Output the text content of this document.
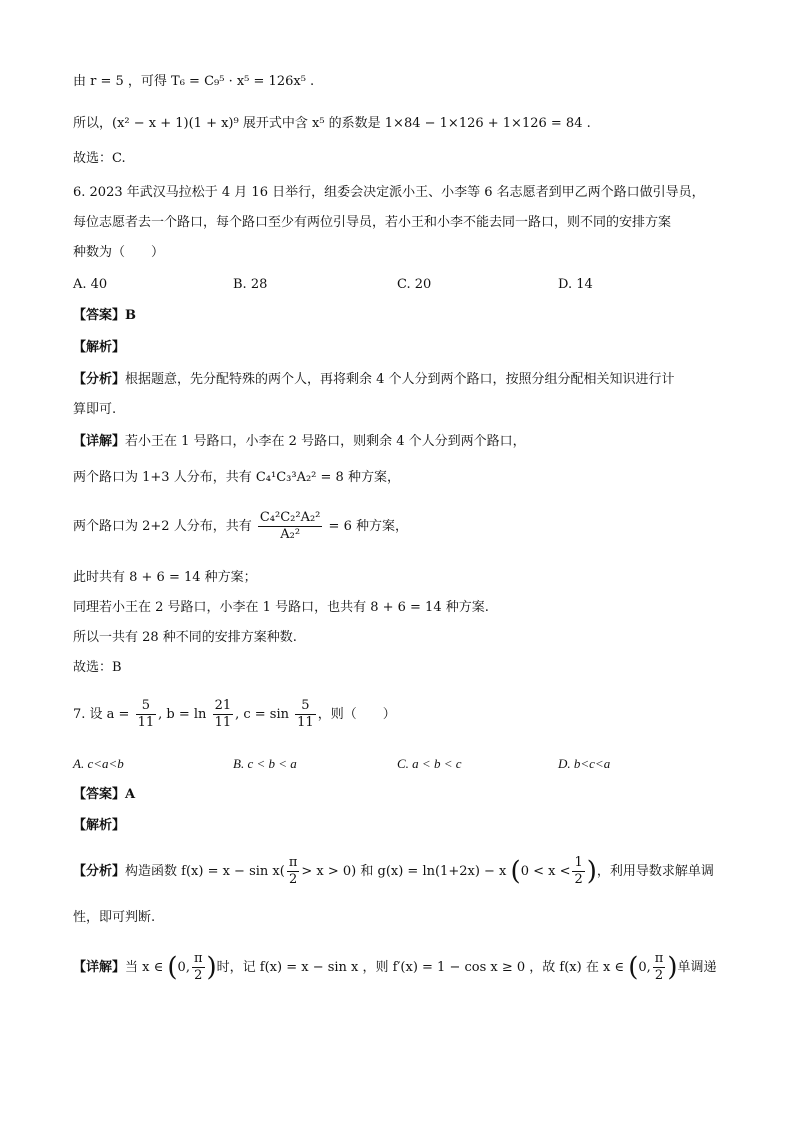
由 r = 5 ，可得 T₆ = C₉⁵ · x⁵ = 126x⁵ .
所以，(x² − x + 1)(1 + x)⁹ 展开式中含 x⁵ 的系数是 1×84 − 1×126 + 1×126 = 84 .
故选：C.
6. 2023 年武汉马拉松于 4 月 16 日举行，组委会决定派小王、小李等 6 名志愿者到甲乙两个路口做引导员，
每位志愿者去一个路口，每个路口至少有两位引导员，若小王和小李不能去同一路口，则不同的安排方案
种数为（　　）
A. 40	B. 28	C. 20	D. 14
【答案】B
【解析】
【分析】根据题意，先分配特殊的两个人，再将剩余 4 个人分到两个路口，按照分组分配相关知识进行计
算即可.
【详解】若小王在 1 号路口，小李在 2 号路口，则剩余 4 个人分到两个路口，
两个路口为 1+3 人分布，共有 C₄¹C₃³A₂² = 8 种方案，
两个路口为 2+2 人分布，共有 $\frac{\text{C₄²C₂²A₂²}}{\text{A₂²}} = 6$ 种方案，
此时共有 8 + 6 = 14 种方案；
同理若小王在 2 号路口，小李在 1 号路口，也共有 8 + 6 = 14 种方案.
所以一共有 28 种不同的安排方案种数.
故选：B
7. 设 $a = \frac{5}{11}$ , $b = \ln \frac{21}{11}$ , $c = \sin \frac{5}{11}$ ，则（　　）
A. c<a<b	B. c < b < a	C. a < b < c	D. b<c<a
【答案】A
【解析】
【分析】构造函数 $f(x) = x - \sin x( \frac{\pi}{2} > x > 0)$ 和 g(x) = ln(1+2x) − x ($0 < x < \frac{1}{2}$ )，利用导数求解单调
性，即可判断.
【详解】当 x ∈ (0, $\frac{\pi}{2}$ )时，记 f(x) = x − sin x ，则 f′(x) = 1 − cos x ≥ 0 ，故 f(x) 在 x ∈ (0, $\frac{\pi}{2}$ )单调递
